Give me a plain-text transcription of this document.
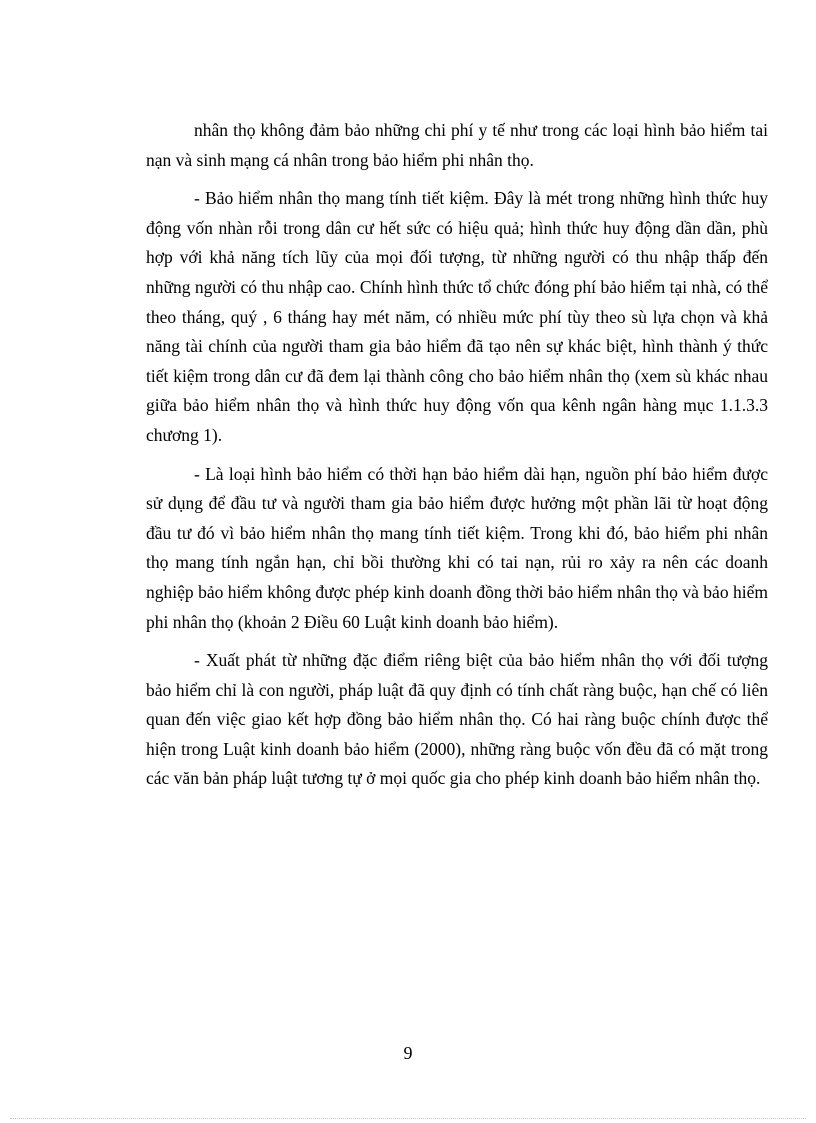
nhân thọ không đảm bảo những chi phí y tế như trong các loại hình bảo hiểm tai nạn và sinh mạng cá nhân trong bảo hiểm phi nhân thọ.

- Bảo hiểm nhân thọ mang tính tiết kiệm. Đây là mét trong những hình thức huy động vốn nhàn rỗi trong dân cư hết sức có hiệu quả; hình thức huy động dần dần, phù hợp với khả năng tích lũy của mọi đối tượng, từ những người có thu nhập thấp đến những người có thu nhập cao. Chính hình thức tổ chức đóng phí bảo hiểm tại nhà, có thể theo tháng, quý , 6 tháng hay mét năm, có nhiều mức phí tùy theo sù lựa chọn và khả năng tài chính của người tham gia bảo hiểm đã tạo nên sự khác biệt, hình thành ý thức tiết kiệm trong dân cư đã đem lại thành công cho bảo hiểm nhân thọ (xem sù khác nhau giữa bảo hiểm nhân thọ và hình thức huy động vốn qua kênh ngân hàng mục 1.1.3.3 chương 1).

- Là loại hình bảo hiểm có thời hạn bảo hiểm dài hạn, nguồn phí bảo hiểm được sử dụng để đầu tư và người tham gia bảo hiểm được hưởng một phần lãi từ hoạt động đầu tư đó vì bảo hiểm nhân thọ mang tính tiết kiệm. Trong khi đó, bảo hiểm phi nhân thọ mang tính ngắn hạn, chỉ bồi thường khi có tai nạn, rủi ro xảy ra nên các doanh nghiệp bảo hiểm không được phép kinh doanh đồng thời bảo hiểm nhân thọ và bảo hiểm phi nhân thọ (khoản 2 Điều 60 Luật kinh doanh bảo hiểm).

- Xuất phát từ những đặc điểm riêng biệt của bảo hiểm nhân thọ với đối tượng bảo hiểm chỉ là con người, pháp luật đã quy định có tính chất ràng buộc, hạn chế có liên quan đến việc giao kết hợp đồng bảo hiểm nhân thọ. Có hai ràng buộc chính được thể hiện trong Luật kinh doanh bảo hiểm (2000), những ràng buộc vốn đều đã có mặt trong các văn bản pháp luật tương tự ở mọi quốc gia cho phép kinh doanh bảo hiểm nhân thọ.

9
